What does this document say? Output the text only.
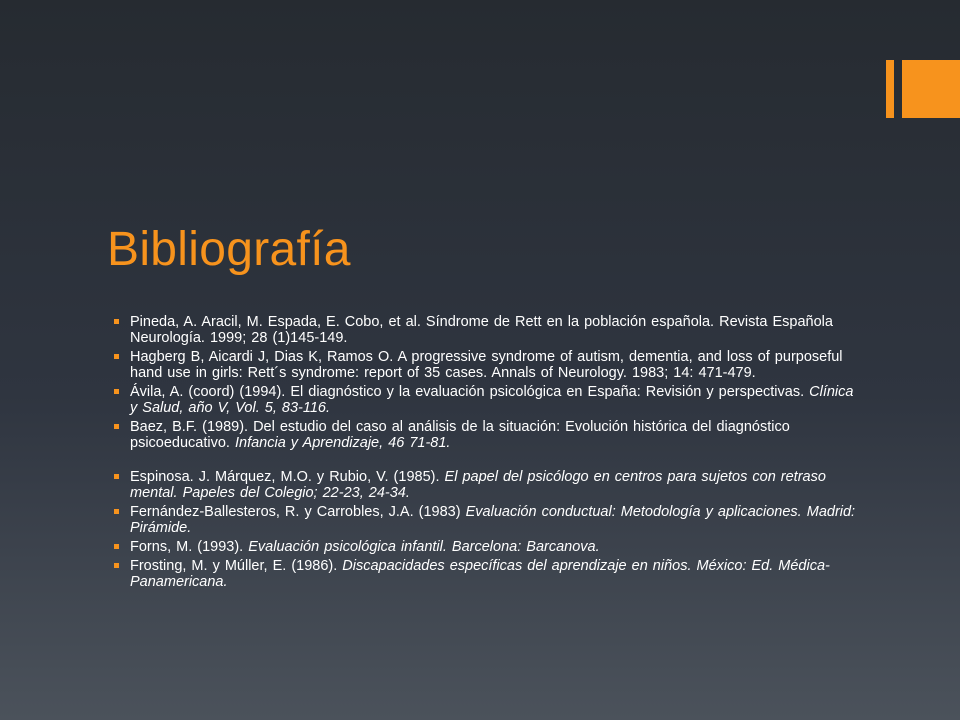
Bibliografía
Pineda, A. Aracil, M. Espada, E. Cobo, et al. Síndrome de Rett en la población española. Revista Española Neurología. 1999; 28 (1)145-149.
Hagberg B, Aicardi J, Dias K, Ramos O. A progressive syndrome of autism, dementia, and loss of purposeful hand use in girls: Rett´s syndrome: report of 35 cases. Annals of Neurology. 1983; 14: 471-479.
Ávila, A. (coord) (1994). El diagnóstico y la evaluación psicológica en España: Revisión y perspectivas. Clínica y Salud, año V, Vol. 5, 83-116.
Baez, B.F. (1989). Del estudio del caso al análisis de la situación: Evolución histórica del diagnóstico psicoeducativo. Infancia y Aprendizaje, 46 71-81.
Espinosa. J. Márquez, M.O. y Rubio, V. (1985). El papel del psicólogo en centros para sujetos con retraso mental. Papeles del Colegio; 22-23, 24-34.
Fernández-Ballesteros, R. y Carrobles, J.A. (1983) Evaluación conductual: Metodología y aplicaciones. Madrid: Pirámide.
Forns, M. (1993). Evaluación psicológica infantil. Barcelona: Barcanova.
Frosting, M. y Múller, E. (1986). Discapacidades específicas del aprendizaje en niños. México: Ed. Médica-Panamericana.
